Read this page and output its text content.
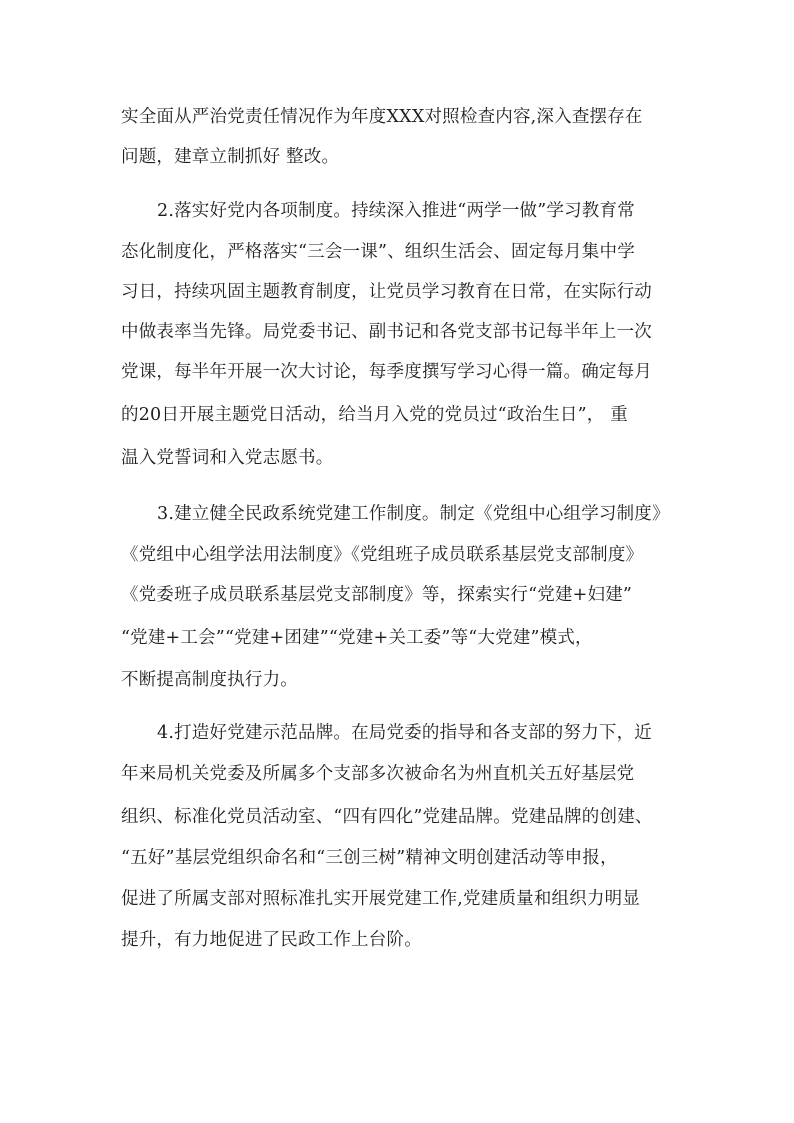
实全面从严治党责任情况作为年度XXX对照检查内容,深入查摆存在
问题，建章立制抓好 整改。
2.落实好党内各项制度。持续深入推进“两学一做”学习教育常
态化制度化，严格落实“三会一课”、组织生活会、固定每月集中学
习日，持续巩固主题教育制度，让党员学习教育在日常，在实际行动
中做表率当先锋。局党委书记、副书记和各党支部书记每半年上一次
党课，每半年开展一次大讨论，每季度撰写学习心得一篇。确定每月
的20日开展主题党日活动，给当月入党的党员过“政治生日”， 重
温入党誓词和入党志愿书。
3.建立健全民政系统党建工作制度。制定《党组中心组学习制度》
《党组中心组学法用法制度》《党组班子成员联系基层党支部制度》
《党委班子成员联系基层党支部制度》等，探索实行“党建+妇建”
“党建+工会”“党建+团建”“党建+关工委”等“大党建”模式，
不断提高制度执行力。
4.打造好党建示范品牌。在局党委的指导和各支部的努力下，近
年来局机关党委及所属多个支部多次被命名为州直机关五好基层党
组织、标准化党员活动室、“四有四化”党建品牌。党建品牌的创建、
“五好”基层党组织命名和“三创三树”精神文明创建活动等申报，
促进了所属支部对照标准扎实开展党建工作,党建质量和组织力明显
提升，有力地促进了民政工作上台阶。
